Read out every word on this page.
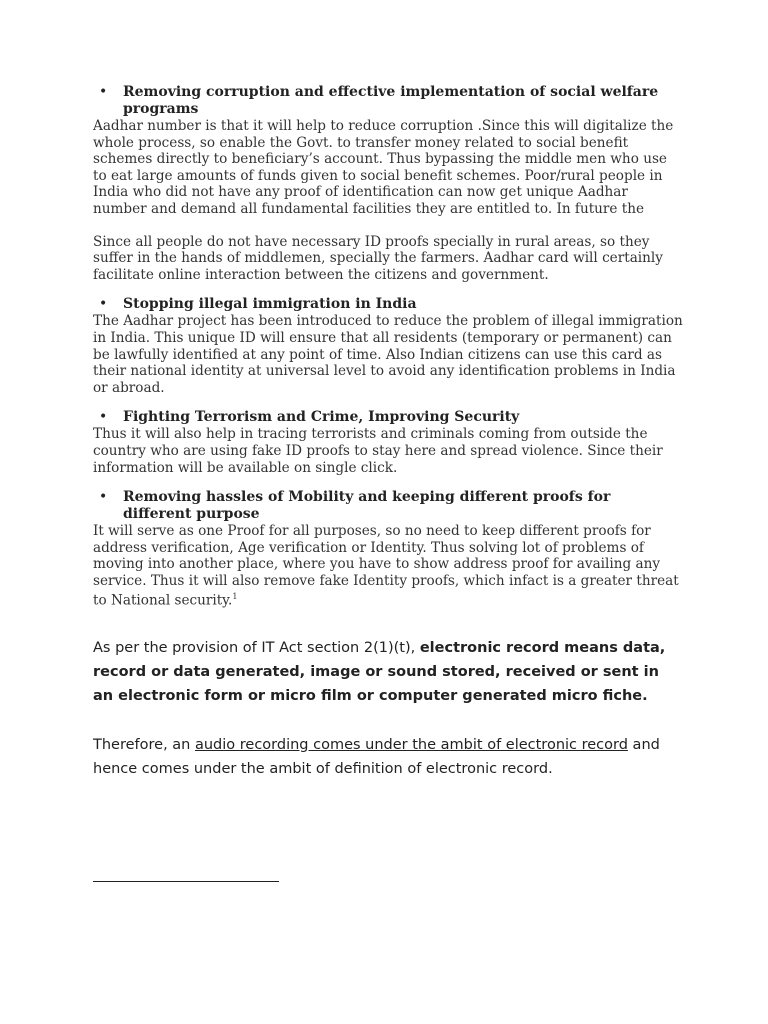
• Removing corruption and effective implementation of social welfare programs

Aadhar number is that it will help to reduce corruption .Since this will digitalize the whole process, so enable the Govt. to transfer money related to social benefit schemes directly to beneficiary’s account. Thus bypassing the middle men who use to eat large amounts of funds given to social benefit schemes. Poor/rural people in India who did not have any proof of identification can now get unique Aadhar number and demand all fundamental facilities they are entitled to. In future the

Since all people do not have necessary ID proofs specially in rural areas, so they suffer in the hands of middlemen, specially the farmers. Aadhar card will certainly facilitate online interaction between the citizens and government.

• Stopping illegal immigration in India

The Aadhar project has been introduced to reduce the problem of illegal immigration in India. This unique ID will ensure that all residents (temporary or permanent) can be lawfully identified at any point of time. Also Indian citizens can use this card as their national identity at universal level to avoid any identification problems in India or abroad.

• Fighting Terrorism and Crime, Improving Security

Thus it will also help in tracing terrorists and criminals coming from outside the country who are using fake ID proofs to stay here and spread violence. Since their information will be available on single click.

• Removing hassles of Mobility and keeping different proofs for different purpose

It will serve as one Proof for all purposes, so no need to keep different proofs for address verification, Age verification or Identity. Thus solving lot of problems of moving into another place, where you have to show address proof for availing any service. Thus it will also remove fake Identity proofs, which infact is a greater threat to National security.$^1$

As per the provision of IT Act section 2(1)(t), electronic record means data, record or data generated, image or sound stored, received or sent in an electronic form or micro film or computer generated micro fiche.

Therefore, an audio recording comes under the ambit of electronic record and hence comes under the ambit of definition of electronic record.
